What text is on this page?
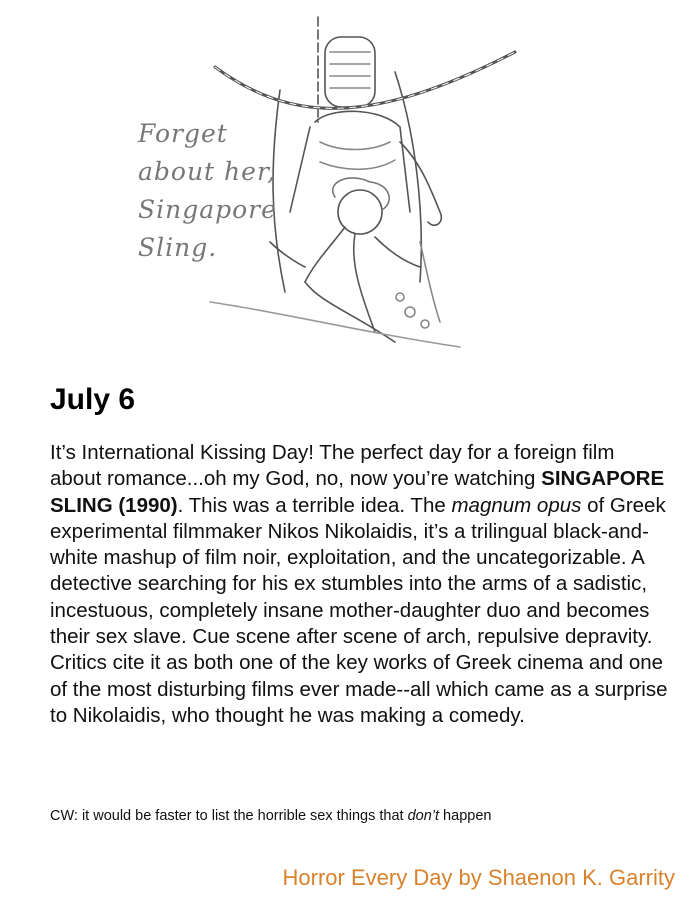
Forget
about her,
Singapore
Sling.
July 6

It’s International Kissing Day! The perfect day for a foreign film about romance...oh my God, no, now you’re watching SINGAPORE SLING (1990). This was a terrible idea. The magnum opus of Greek experimental filmmaker Nikos Nikolaidis, it’s a trilingual black-and-white mashup of film noir, exploitation, and the uncategorizable. A detective searching for his ex stumbles into the arms of a sadistic, incestuous, completely insane mother-daughter duo and becomes their sex slave. Cue scene after scene of arch, repulsive depravity. Critics cite it as both one of the key works of Greek cinema and one of the most disturbing films ever made--all which came as a surprise to Nikolaidis, who thought he was making a comedy.

CW: it would be faster to list the horrible sex things that don’t happen

Horror Every Day by Shaenon K. Garrity
